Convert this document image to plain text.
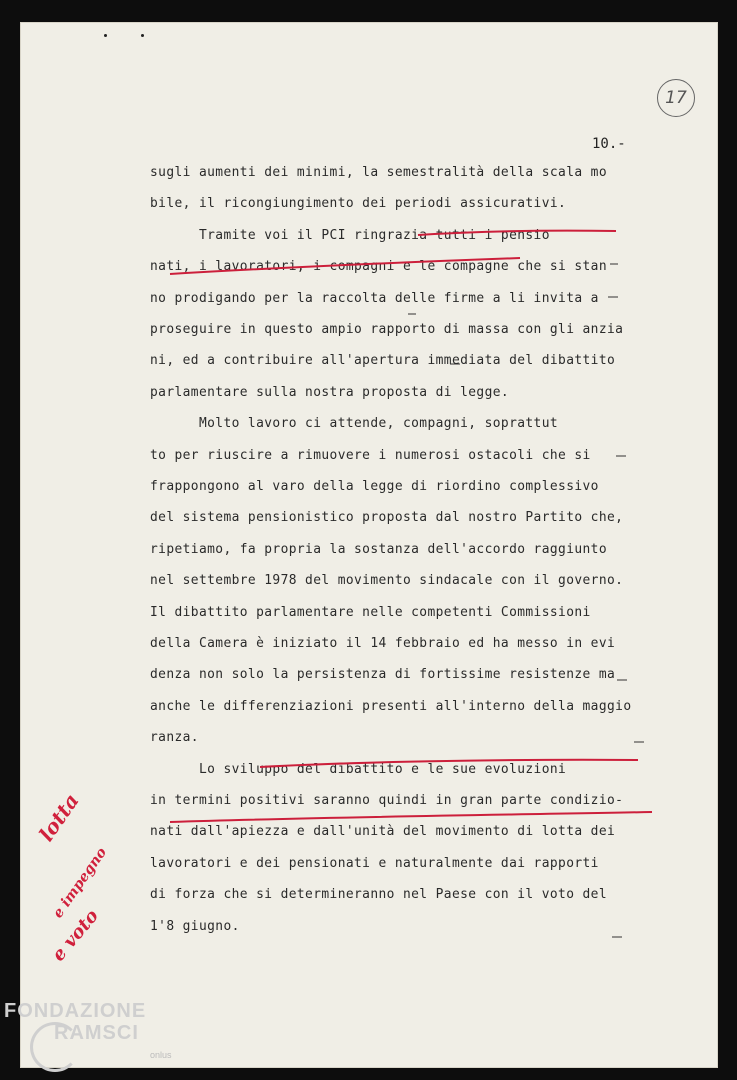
17
10.-
sugli aumenti dei minimi, la semestralità della scala mo
bile, il ricongiungimento dei periodi assicurativi.
Tramite voi il PCI ringrazia tutti i pensio
nati, i lavoratori, i compagni e le compagne che si stan
no prodigando per la raccolta delle firme a li invita a
proseguire in questo ampio rapporto di massa con gli anzia
ni, ed a contribuire all'apertura immediata del dibattito
parlamentare sulla nostra proposta di legge.
Molto lavoro ci attende, compagni, soprattut
to per riuscire a rimuovere i numerosi ostacoli che si
frappongono al varo della legge di riordino complessivo
del sistema pensionistico proposta dal nostro Partito che,
ripetiamo, fa propria la sostanza dell'accordo raggiunto
nel settembre 1978 del movimento sindacale con il governo.
Il dibattito parlamentare nelle competenti Commissioni
della Camera è iniziato il 14 febbraio ed ha messo in evi
denza non solo la persistenza di fortissime resistenze ma
anche le differenziazioni presenti all'interno della maggio
ranza.
Lo sviluppo del dibattito e le sue evoluzioni
in termini positivi saranno quindi in gran parte condizio-
nati dall'apiezza e dall'unità del movimento di lotta dei
lavoratori e dei pensionati e naturalmente dai rapporti
di forza che si determineranno nel Paese con il voto del
1'8 giugno.
lotta
e impegno
e voto
FONDAZIONE
RAMSCI
onlus
